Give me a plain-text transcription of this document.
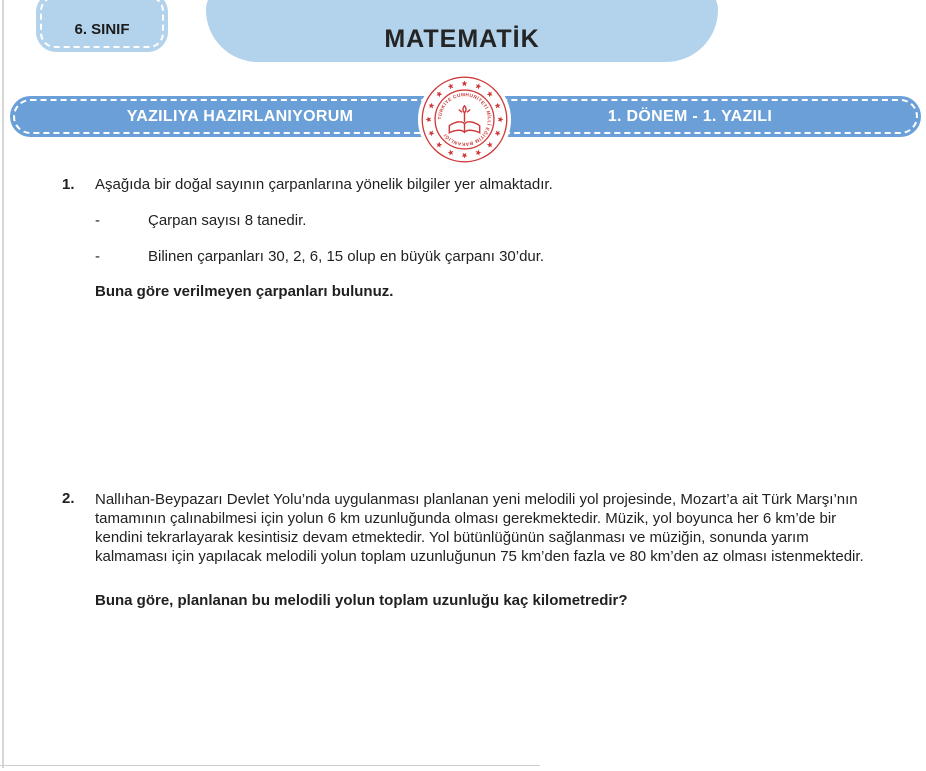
6. SINIF	MATEMATİK
YAZILIYA HAZIRLANIYORUM	1. DÖNEM - 1. YAZILI
TÜRKİYE CUMHURİYETİ MİLLÎ EĞİTİM BAKANLIĞI
1.	Aşağıda bir doğal sayının çarpanlarına yönelik bilgiler yer almaktadır.
-	Çarpan sayısı 8 tanedir.
-	Bilinen çarpanları 30, 2, 6, 15 olup en büyük çarpanı 30’dur.
Buna göre verilmeyen çarpanları bulunuz.
2.	Nallıhan-Beypazarı Devlet Yolu’nda uygulanması planlanan yeni melodili yol projesinde, Mozart’a ait Türk Marşı’nın tamamının çalınabilmesi için yolun 6 km uzunluğunda olması gerekmektedir. Müzik, yol boyunca her 6 km’de bir kendini tekrarlayarak kesintisiz devam etmektedir. Yol bütünlüğünün sağlanması ve müziğin, sonunda yarım kalmaması için yapılacak melodili yolun toplam uzunluğunun 75 km’den fazla ve 80 km’den az olması istenmektedir.
Buna göre, planlanan bu melodili yolun toplam uzunluğu kaç kilometredir?
